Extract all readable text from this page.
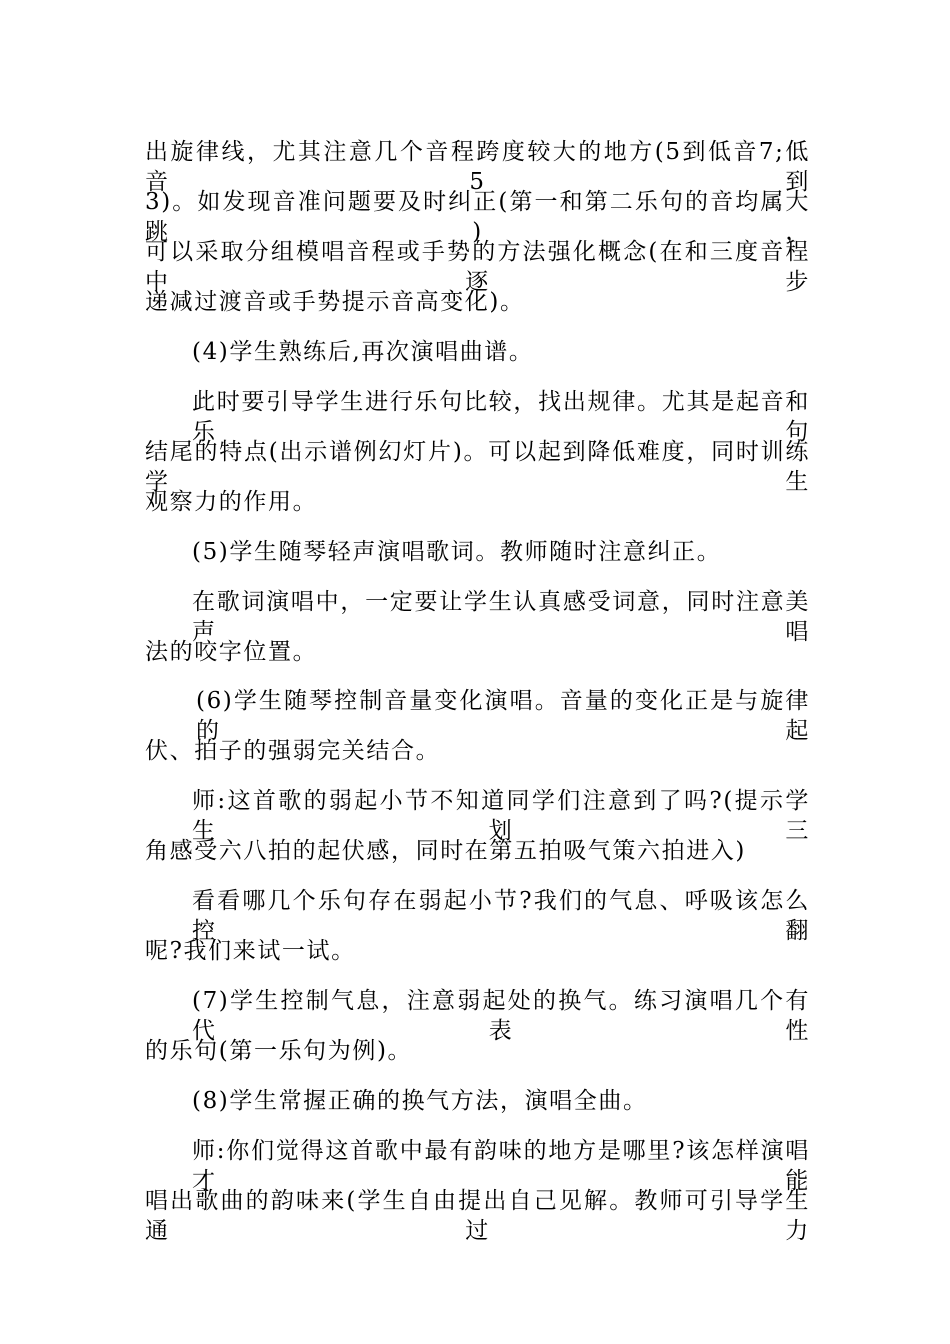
出旋律线，尤其注意几个音程跨度较大的地方(5到低音7;低音5到
3)。如发现音准问题要及时纠正(第一和第二乐句的音均属大跳)，
可以采取分组模唱音程或手势的方法强化概念(在和三度音程中逐步
递减过渡音或手势提示音高变化)。
(4)学生熟练后,再次演唱曲谱。
此时要引导学生进行乐句比较，找出规律。尤其是起音和乐句
结尾的特点(出示谱例幻灯片)。可以起到降低难度，同时训练学生
观察力的作用。
(5)学生随琴轻声演唱歌词。教师随时注意纠正。
在歌词演唱中，一定要让学生认真感受词意，同时注意美声唱
法的咬字位置。
(6)学生随琴控制音量变化演唱。音量的变化正是与旋律的起
伏、拍子的强弱完关结合。
师:这首歌的弱起小节不知道同学们注意到了吗?(提示学生划三
角感受六八拍的起伏感，同时在第五拍吸气策六拍进入)
看看哪几个乐句存在弱起小节?我们的气息、呼吸该怎么控翻
呢?我们来试一试。
(7)学生控制气息，注意弱起处的换气。练习演唱几个有代表性
的乐句(第一乐句为例)。
(8)学生常握正确的换气方法，演唱全曲。
师:你们觉得这首歌中最有韵味的地方是哪里?该怎样演唱才能
唱出歌曲的韵味来(学生自由提出自己见解。教师可引导学生通过力
